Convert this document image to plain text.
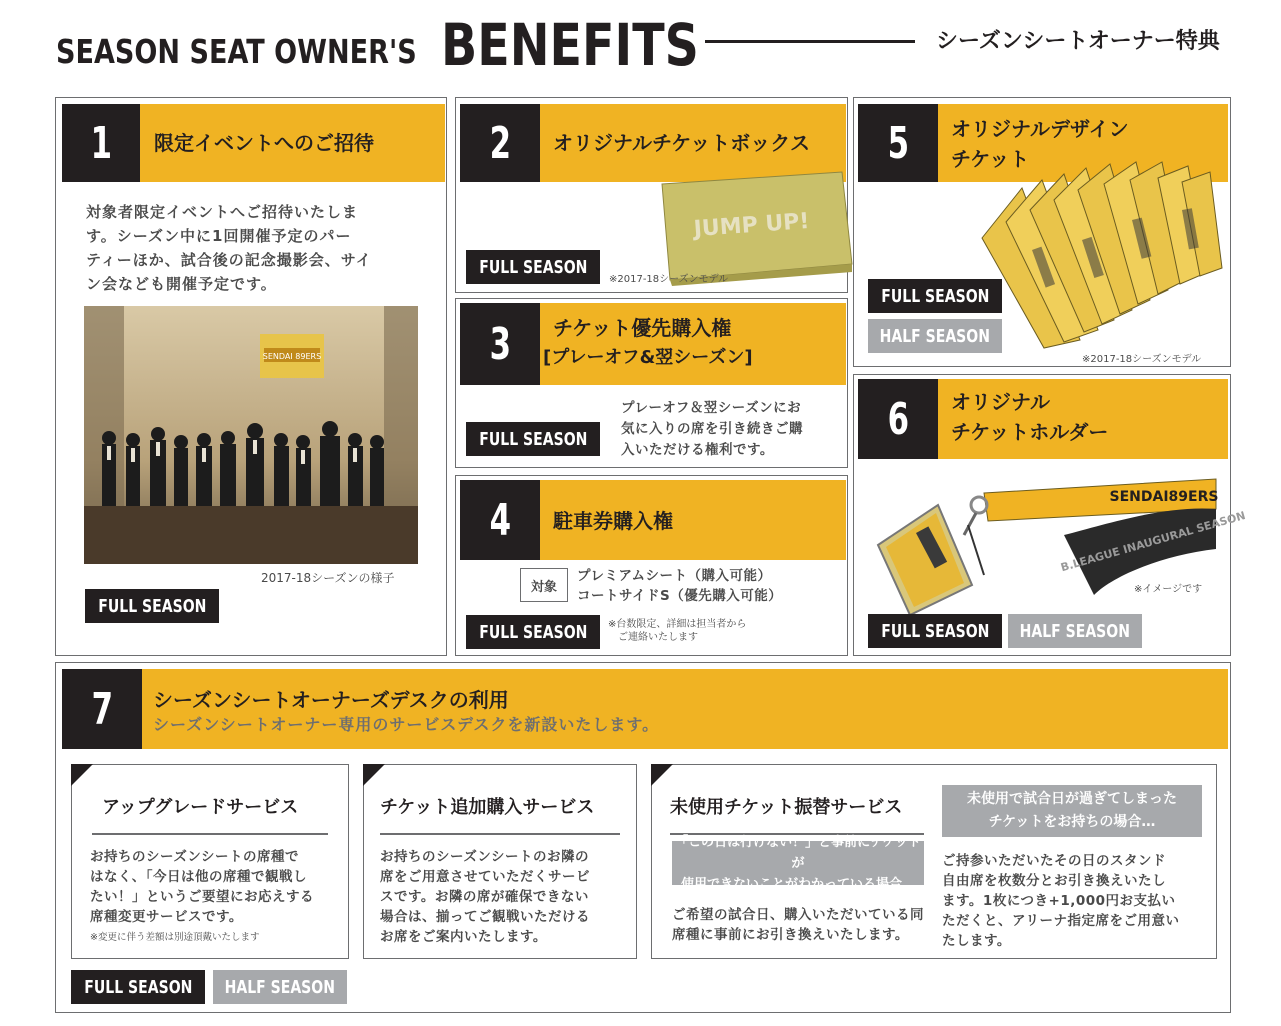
SEASON SEAT OWNER'S BENEFITS	シーズンシートオーナー特典
1 限定イベントへのご招待
対象者限定イベントへご招待いたしま
す。シーズン中に1回開催予定のパー
ティーほか、試合後の記念撮影会、サイ
ン会なども開催予定です。
SENDAI 89ERS
2017-18シーズンの様子
FULL SEASON
2 オリジナルチケットボックス
JUMP UP!
FULL SEASON
※2017-18シーズンモデル
3 チケット優先購入権
[プレーオフ&翌シーズン]
FULL SEASON
プレーオフ＆翌シーズンにお
気に入りの席を引き続きご購
入いただける権利です。
4 駐車券購入権
対象
プレミアムシート（購入可能）
コートサイドS（優先購入可能）
FULL SEASON ※台数限定、詳細は担当者から
　ご連絡いたします
5 オリジナルデザイン
チケット
FULL SEASON
HALF SEASON
※2017-18シーズンモデル
6 オリジナル
チケットホルダー
SENDAI89ERS
B.LEAGUE INAUGURAL SEASON
※イメージです
FULL SEASON HALF SEASON
7 シーズンシートオーナーズデスクの利用
シーズンシートオーナー専用のサービスデスクを新設いたします。
アップグレードサービス
お持ちのシーズンシートの席種で
はなく、「今日は他の席種で観戦し
たい！」というご要望にお応えする
席種変更サービスです。
※変更に伴う差額は別途頂戴いたします
チケット追加購入サービス
お持ちのシーズンシートのお隣の
席をご用意させていただくサービ
スです。お隣の席が確保できない
場合は、揃ってご観戦いただける
お席をご案内いたします。
未使用チケット振替サービス
「この日は行けない！」と事前にチケットが
使用できないことがわかっている場合…
ご希望の試合日、購入いただいている同
席種に事前にお引き換えいたします。
未使用で試合日が過ぎてしまった
チケットをお持ちの場合…
ご持参いただいたその日のスタンド
自由席を枚数分とお引き換えいたし
ます。1枚につき+1,000円お支払い
ただくと、アリーナ指定席をご用意い
たします。
FULL SEASON HALF SEASON
